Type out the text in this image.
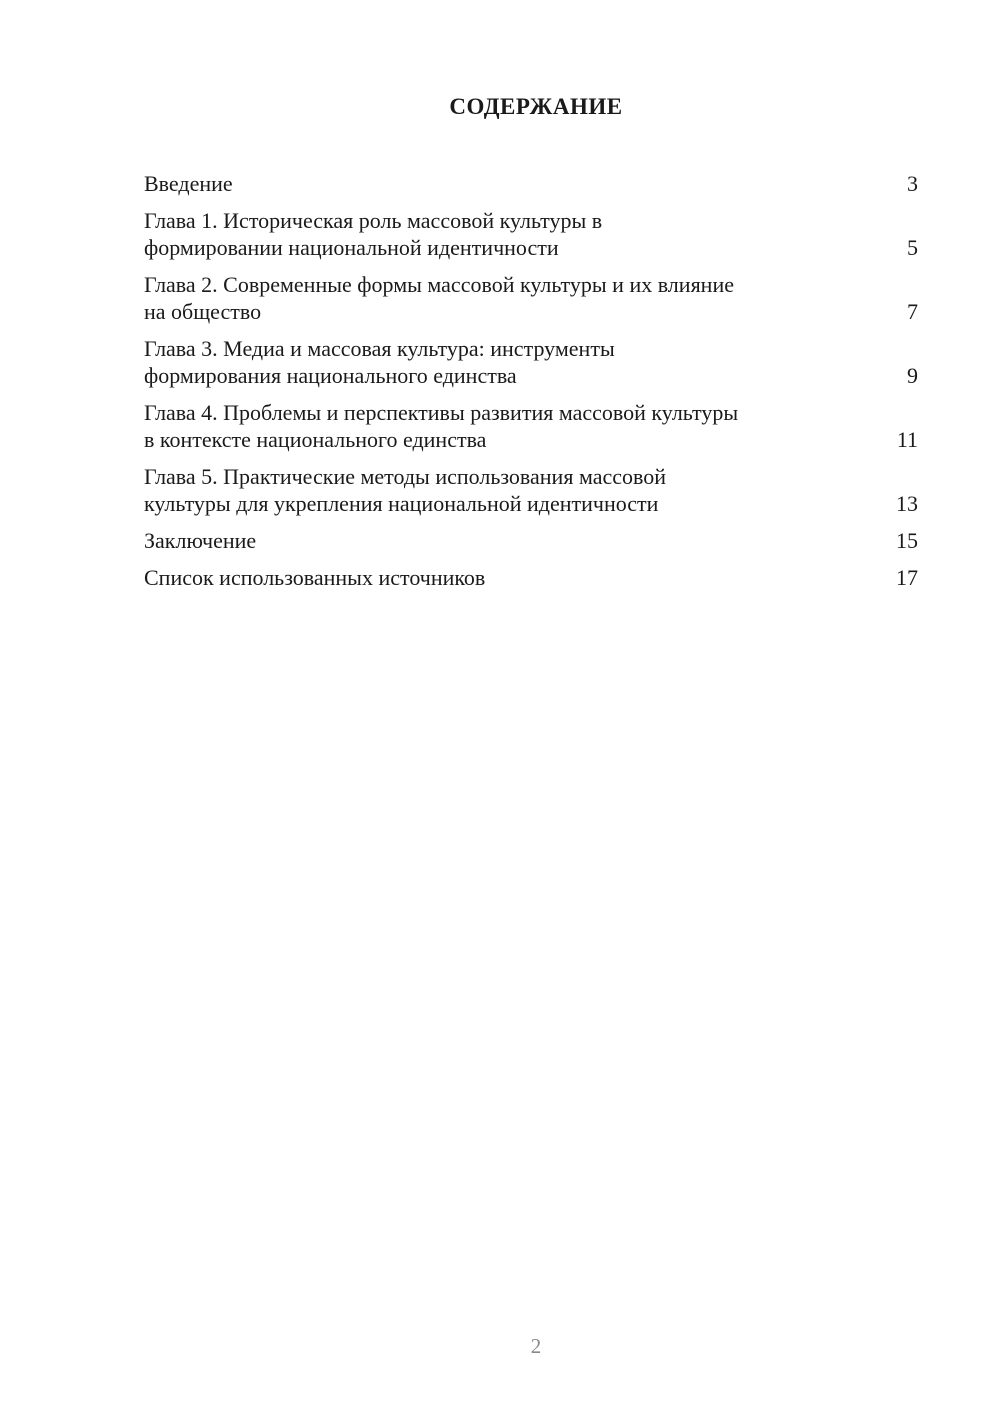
СОДЕРЖАНИЕ
Введение	3
Глава 1. Историческая роль массовой культуры в
формировании национальной идентичности	5
Глава 2. Современные формы массовой культуры и их влияние
на общество	7
Глава 3. Медиа и массовая культура: инструменты
формирования национального единства	9
Глава 4. Проблемы и перспективы развития массовой культуры
в контексте национального единства	11
Глава 5. Практические методы использования массовой
культуры для укрепления национальной идентичности	13
Заключение	15
Список использованных источников	17
2
